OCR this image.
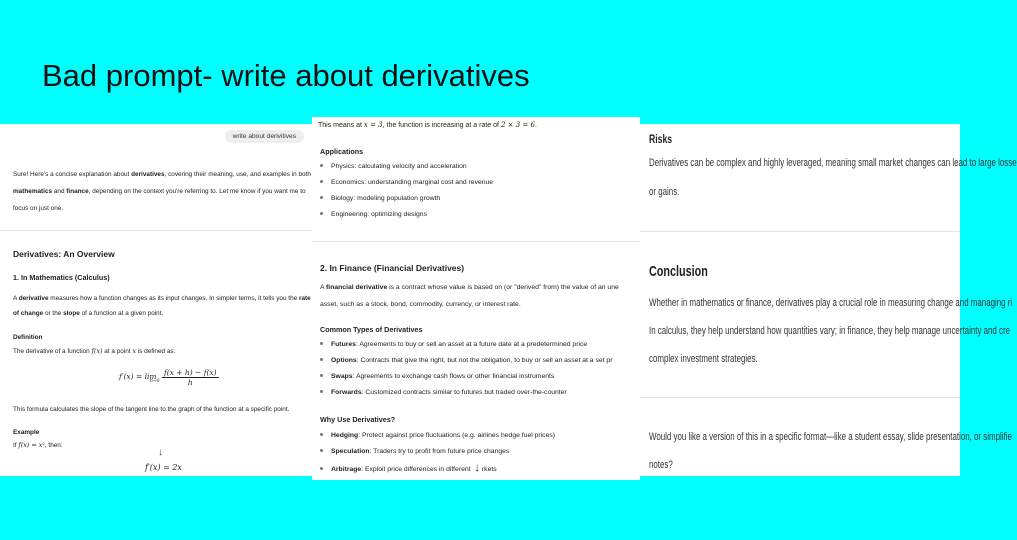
Bad prompt- write about derivatives
write about derivitives
Sure! Here's a concise explanation about derivatives, covering their meaning, use, and examples in both
mathematics and finance, depending on the context you're referring to. Let me know if you want me to
focus on just one.
Derivatives: An Overview
1. In Mathematics (Calculus)
A derivative measures how a function changes as its input changes. In simpler terms, it tells you the rate
of change or the slope of a function at a given point.
Definition
The derivative of a function f(x) at a point x is defined as:
f′(x) = lim
h→0
$\frac{f(x + h) - f(x)}{h}$
This formula calculates the slope of the tangent line to the graph of the function at a specific point.
Example
If f(x) = x², then:
↓
f′(x) = 2x
This means at x = 3, the function is increasing at a rate of 2 × 3 = 6.
Applications
Physics: calculating velocity and acceleration
Economics: understanding marginal cost and revenue
Biology: modeling population growth
Engineering: optimizing designs
2. In Finance (Financial Derivatives)
A financial derivative is a contract whose value is based on (or "derived" from) the value of an une
asset, such as a stock, bond, commodity, currency, or interest rate.
Common Types of Derivatives
Futures: Agreements to buy or sell an asset at a future date at a predetermined price
Options: Contracts that give the right, but not the obligation, to buy or sell an asset at a set pr
Swaps: Agreements to exchange cash flows or other financial instruments
Forwards: Customized contracts similar to futures but traded over-the-counter
Why Use Derivatives?
Hedging: Protect against price fluctuations (e.g. airlines hedge fuel prices)
Speculation: Traders try to profit from future price changes
Arbitrage: Exploit price differences in different ↓ rkets
Risks
Derivatives can be complex and highly leveraged, meaning small market changes can lead to large losse
or gains.
Conclusion
Whether in mathematics or finance, derivatives play a crucial role in measuring change and managing ri
In calculus, they help understand how quantities vary; in finance, they help manage uncertainty and cre
complex investment strategies.
Would you like a version of this in a specific format—like a student essay, slide presentation, or simplifie
notes?
